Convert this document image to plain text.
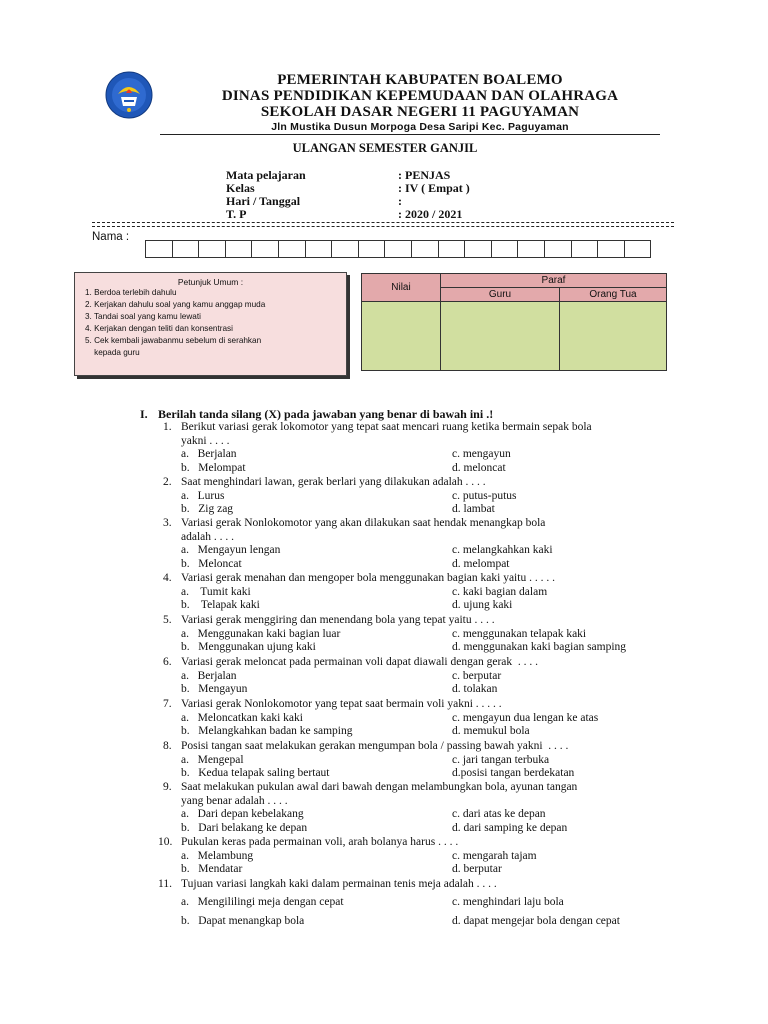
PEMERINTAH KABUPATEN BOALEMO
DINAS PENDIDIKAN KEPEMUDAAN DAN OLAHRAGA
SEKOLAH DASAR NEGERI 11 PAGUYAMAN
Jln Mustika Dusun Morpoga Desa Saripi Kec. Paguyaman
ULANGAN SEMESTER GANJIL
Mata pelajaran	: PENJAS
Kelas	: IV ( Empat )
Hari / Tanggal	:
T. P	: 2020 / 2021
Nama :
Petunjuk Umum :
1. Berdoa terlebih dahulu
2. Kerjakan dahulu soal yang kamu anggap muda
3. Tandai soal yang kamu lewati
4. Kerjakan dengan teliti dan konsentrasi
5. Cek kembali jawabanmu sebelum di serahkan
kepada guru
Nilai	Paraf	
	Guru	Orang Tua

I. Berilah tanda silang (X) pada jawaban yang benar di bawah ini .!
1. Berikut variasi gerak lokomotor yang tepat saat mencari ruang ketika bermain sepak bola
yakni . . . .
a.   Berjalan	c. mengayun
b.   Melompat	d. meloncat
2. Saat menghindari lawan, gerak berlari yang dilakukan adalah . . . .
a.   Lurus	c. putus-putus
b.   Zig zag	d. lambat
3. Variasi gerak Nonlokomotor yang akan dilakukan saat hendak menangkap bola
adalah . . . .
a.   Mengayun lengan	c. melangkahkan kaki
b.   Meloncat	d. melompat
4. Variasi gerak menahan dan mengoper bola menggunakan bagian kaki yaitu . . . . .
a.    Tumit kaki	c. kaki bagian dalam
b.    Telapak kaki	d. ujung kaki
5. Variasi gerak menggiring dan menendang bola yang tepat yaitu . . . .
a.   Menggunakan kaki bagian luar	c. menggunakan telapak kaki
b.   Menggunakan ujung kaki	d. menggunakan kaki bagian samping
6. Variasi gerak meloncat pada permainan voli dapat diawali dengan gerak  . . . .
a.   Berjalan	c. berputar
b.   Mengayun	d. tolakan
7. Variasi gerak Nonlokomotor yang tepat saat bermain voli yakni . . . . .
a.   Meloncatkan kaki kaki	c. mengayun dua lengan ke atas
b.   Melangkahkan badan ke samping	d. memukul bola
8. Posisi tangan saat melakukan gerakan mengumpan bola / passing bawah yakni  . . . .
a.   Mengepal	c. jari tangan terbuka
b.   Kedua telapak saling bertaut	d.posisi tangan berdekatan
9. Saat melakukan pukulan awal dari bawah dengan melambungkan bola, ayunan tangan
yang benar adalah . . . .
a.   Dari depan kebelakang	c. dari atas ke depan
b.   Dari belakang ke depan	d. dari samping ke depan
10. Pukulan keras pada permainan voli, arah bolanya harus . . . .
a.   Melambung	c. mengarah tajam
b.   Mendatar	d. berputar
11. Tujuan variasi langkah kaki dalam permainan tenis meja adalah . . . .
a.   Mengililingi meja dengan cepat	c. menghindari laju bola
b.   Dapat menangkap bola	d. dapat mengejar bola dengan cepat
